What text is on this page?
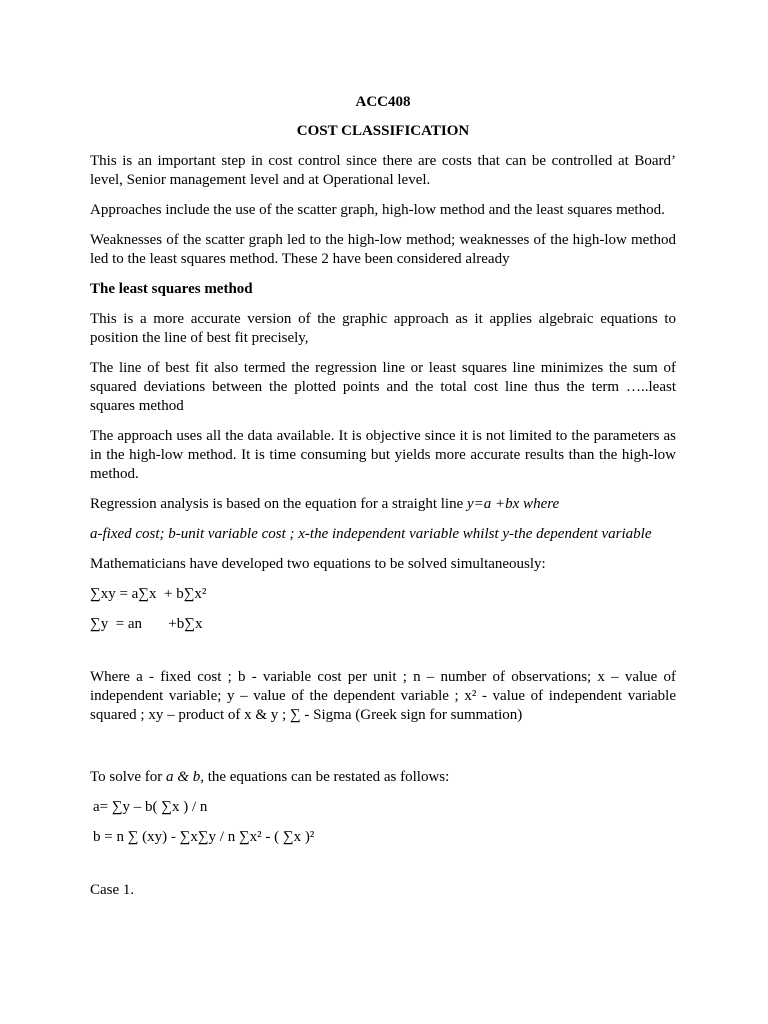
ACC408

COST CLASSIFICATION

This is an important step in cost control since there are costs that can be controlled at Board’ level, Senior management level and at Operational level.

Approaches include the use of the scatter graph, high-low method and the least squares method.

Weaknesses of the scatter graph led to the high-low method; weaknesses of the high-low method led to the least squares method. These 2 have been considered already

The least squares method

This is a more accurate version of the graphic approach as it applies algebraic equations to position the line of best fit precisely,

The line of best fit also termed the regression line or least squares line minimizes the sum of squared deviations between the plotted points and the total cost line thus the term …..least squares method

The approach uses all the data available. It is objective since it is not limited to the parameters as in the high-low method. It is time consuming but yields more accurate results than the high-low method.

Regression analysis is based on the equation for a straight line y=a +bx where

a-fixed cost; b-unit variable cost ; x-the independent variable whilst y-the dependent variable

Mathematicians have developed two equations to be solved simultaneously:

∑xy = a∑x  + b∑x²

∑y  = an       +b∑x

Where a - fixed cost ; b - variable cost per unit ; n – number of observations; x – value of independent variable; y – value of the dependent variable ; x² - value of independent variable squared ; xy – product of x & y ; ∑ - Sigma (Greek sign for summation)

To solve for a & b, the equations can be restated as follows:

a= ∑y – b( ∑x ) / n

b = n ∑ (xy) - ∑x∑y / n ∑x² - ( ∑x )²

Case 1.
